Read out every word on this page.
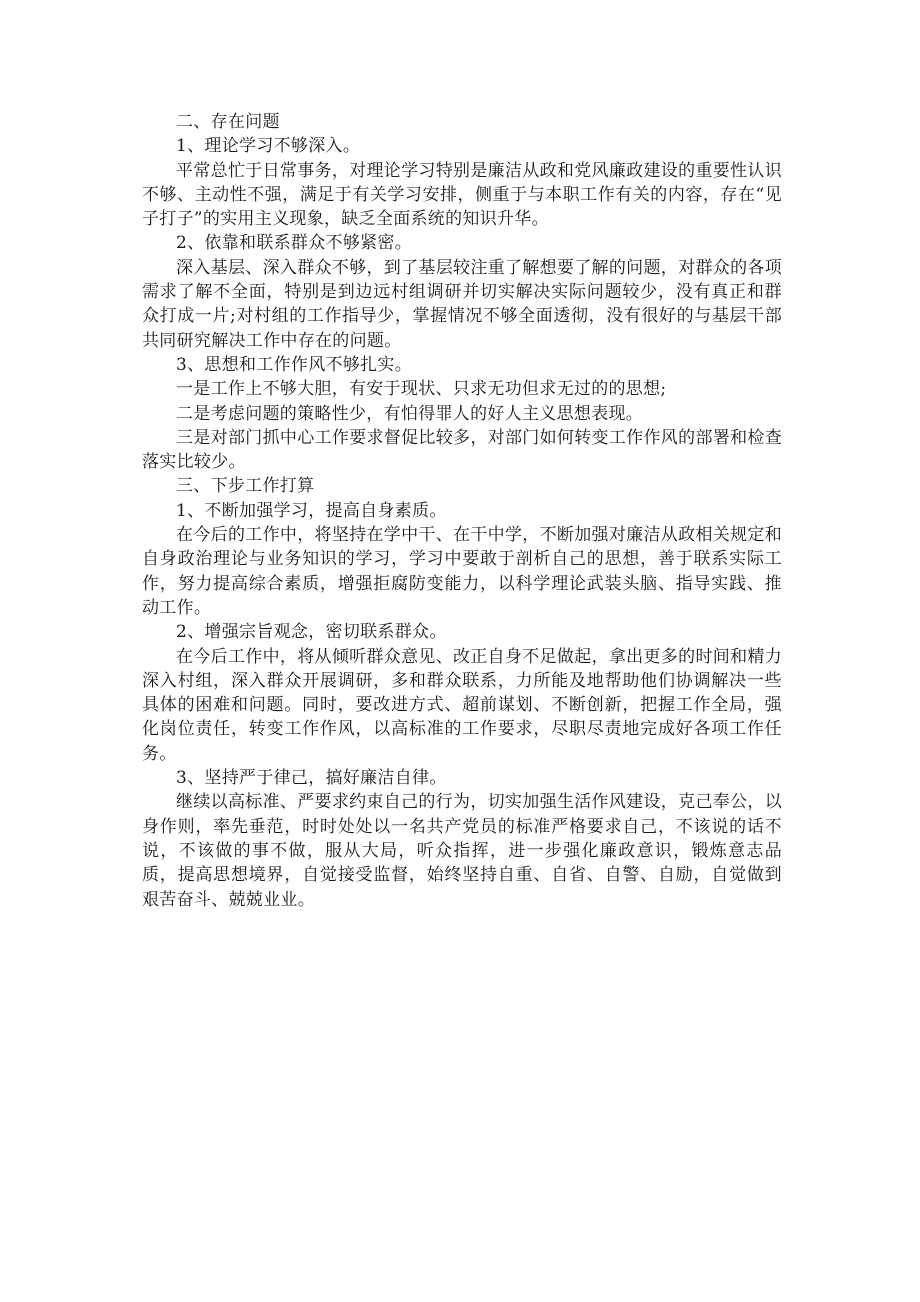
二、存在问题

1、理论学习不够深入。

平常总忙于日常事务，对理论学习特别是廉洁从政和党风廉政建设的重要性认识不够、主动性不强，满足于有关学习安排，侧重于与本职工作有关的内容，存在“见子打子”的实用主义现象，缺乏全面系统的知识升华。

2、依靠和联系群众不够紧密。

深入基层、深入群众不够，到了基层较注重了解想要了解的问题，对群众的各项需求了解不全面，特别是到边远村组调研并切实解决实际问题较少，没有真正和群众打成一片;对村组的工作指导少，掌握情况不够全面透彻，没有很好的与基层干部共同研究解决工作中存在的问题。

3、思想和工作作风不够扎实。

一是工作上不够大胆，有安于现状、只求无功但求无过的的思想;

二是考虑问题的策略性少，有怕得罪人的好人主义思想表现。

三是对部门抓中心工作要求督促比较多，对部门如何转变工作作风的部署和检查落实比较少。

三、下步工作打算

1、不断加强学习，提高自身素质。

在今后的工作中，将坚持在学中干、在干中学，不断加强对廉洁从政相关规定和自身政治理论与业务知识的学习，学习中要敢于剖析自己的思想，善于联系实际工作，努力提高综合素质，增强拒腐防变能力，以科学理论武装头脑、指导实践、推动工作。

2、增强宗旨观念，密切联系群众。

在今后工作中，将从倾听群众意见、改正自身不足做起，拿出更多的时间和精力深入村组，深入群众开展调研，多和群众联系，力所能及地帮助他们协调解决一些具体的困难和问题。同时，要改进方式、超前谋划、不断创新，把握工作全局，强化岗位责任，转变工作作风，以高标准的工作要求，尽职尽责地完成好各项工作任务。

3、坚持严于律己，搞好廉洁自律。

继续以高标准、严要求约束自己的行为，切实加强生活作风建设，克己奉公，以身作则，率先垂范，时时处处以一名共产党员的标准严格要求自己，不该说的话不说，不该做的事不做，服从大局，听众指挥，进一步强化廉政意识，锻炼意志品质，提高思想境界，自觉接受监督，始终坚持自重、自省、自警、自励，自觉做到艰苦奋斗、兢兢业业。
